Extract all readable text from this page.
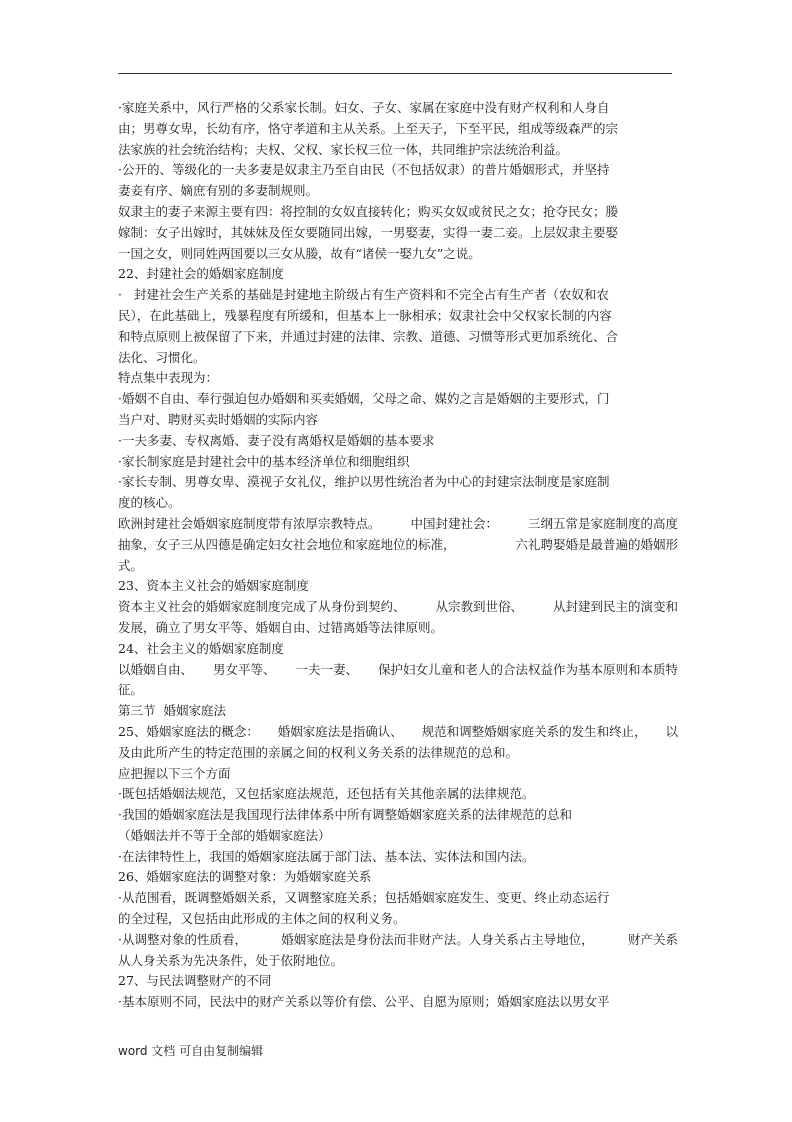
·家庭关系中，风行严格的父系家长制。妇女、子女、家属在家庭中没有财产权利和人身自
由；男尊女卑，长幼有序，恪守孝道和主从关系。上至天子，下至平民，组成等级森严的宗
法家族的社会统治结构；夫权、父权、家长权三位一体，共同维护宗法统治利益。
·公开的、等级化的一夫多妻是奴隶主乃至自由民（不包括奴隶）的普片婚姻形式，并坚持
妻妾有序、嫡庶有别的多妻制规则。
奴隶主的妻子来源主要有四：将控制的女奴直接转化；购买女奴或贫民之女；抢夺民女；媵
嫁制：女子出嫁时，其妹妹及侄女要随同出嫁，一男娶妻，实得一妻二妾。上层奴隶主要娶
一国之女，则同姓两国要以三女从媵，故有“诸侯一娶九女”之说。
22、封建社会的婚姻家庭制度
·   封建社会生产关系的基础是封建地主阶级占有生产资料和不完全占有生产者（农奴和农
民），在此基础上，残暴程度有所缓和，但基本上一脉相承；奴隶社会中父权家长制的内容
和特点原则上被保留了下来，并通过封建的法律、宗教、道德、习惯等形式更加系统化、合
法化、习惯化。
特点集中表现为：
·婚姻不自由、奉行强迫包办婚姻和买卖婚姻，父母之命、媒妁之言是婚姻的主要形式，门
当户对、聘财买卖时婚姻的实际内容
·一夫多妻、专权离婚、妻子没有离婚权是婚姻的基本要求
·家长制家庭是封建社会中的基本经济单位和细胞组织
·家长专制、男尊女卑、漠视子女礼仪，维护以男性统治者为中心的封建宗法制度是家庭制
度的核心。
欧洲封建社会婚姻家庭制度带有浓厚宗教特点。 中国封建社会： 三纲五常是家庭制度的高度
抽象，女子三从四德是确定妇女社会地位和家庭地位的标准，	六礼聘娶婚是最普遍的婚姻形
式。
23、资本主义社会的婚姻家庭制度
资本主义社会的婚姻家庭制度完成了从身份到契约、 从宗教到世俗、 从封建到民主的演变和
发展，确立了男女平等、婚姻自由、过错离婚等法律原则。
24、社会主义的婚姻家庭制度
以婚姻自由、 男女平等、 一夫一妻、 保护妇女儿童和老人的合法权益作为基本原则和本质特
征。
第三节  婚姻家庭法
25、婚姻家庭法的概念： 婚姻家庭法是指确认、 规范和调整婚姻家庭关系的发生和终止， 以
及由此所产生的特定范围的亲属之间的权利义务关系的法律规范的总和。
应把握以下三个方面
·既包括婚姻法规范，又包括家庭法规范，还包括有关其他亲属的法律规范。
·我国的婚姻家庭法是我国现行法律体系中所有调整婚姻家庭关系的法律规范的总和
（婚姻法并不等于全部的婚姻家庭法）
·在法律特性上，我国的婚姻家庭法属于部门法、基本法、实体法和国内法。
26、婚姻家庭法的调整对象：为婚姻家庭关系
·从范围看，既调整婚姻关系，又调整家庭关系；包括婚姻家庭发生、变更、终止动态运行
的全过程，又包括由此形成的主体之间的权利义务。
·从调整对象的性质看，	婚姻家庭法是身份法而非财产法。人身关系占主导地位，	财产关系
从人身关系为先决条件，处于依附地位。
27、与民法调整财产的不同
·基本原则不同，民法中的财产关系以等价有偿、公平、自愿为原则；婚姻家庭法以男女平
word 文档 可自由复制编辑
